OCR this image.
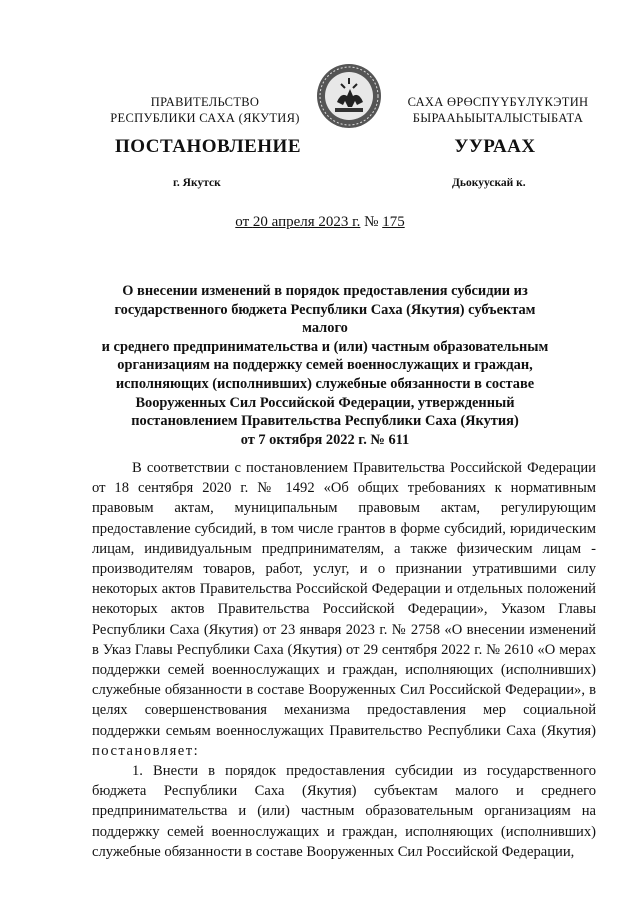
ПРАВИТЕЛЬСТВО
РЕСПУБЛИКИ САХА (ЯКУТИЯ)
САХА ӨРӨСПҮҮБҮЛҮКЭТИН
БЫРААҺЫЫТАЛЫСТЫБАТА
ПОСТАНОВЛЕНИЕ	УУРААХ
г. Якутск	Дьокуускай к.
от 20 апреля 2023 г. № 175
О внесении изменений в порядок предоставления субсидии из
государственного бюджета Республики Саха (Якутия) субъектам малого
и среднего предпринимательства и (или) частным образовательным
организациям на поддержку семей военнослужащих и граждан,
исполняющих (исполнивших) служебные обязанности в составе
Вооруженных Сил Российской Федерации, утвержденный
постановлением Правительства Республики Саха (Якутия)
от 7 октября 2022 г. № 611

В соответствии с постановлением Правительства Российской Федерации от 18 сентября 2020 г. № 1492 «Об общих требованиях к нормативным правовым актам, муниципальным правовым актам, регулирующим предоставление субсидий, в том числе грантов в форме субсидий, юридическим лицам, индивидуальным предпринимателям, а также физическим лицам - производителям товаров, работ, услуг, и о признании утратившими силу некоторых актов Правительства Российской Федерации и отдельных положений некоторых актов Правительства Российской Федерации», Указом Главы Республики Саха (Якутия) от 23 января 2023 г. № 2758 «О внесении изменений в Указ Главы Республики Саха (Якутия) от 29 сентября 2022 г. № 2610 «О мерах поддержки семей военнослужащих и граждан, исполняющих (исполнивших) служебные обязанности в составе Вооруженных Сил Российской Федерации», в целях совершенствования механизма предоставления мер социальной поддержки семьям военнослужащих Правительство Республики Саха (Якутия) постановляет:

1. Внести в порядок предоставления субсидии из государственного бюджета Республики Саха (Якутия) субъектам малого и среднего предпринимательства и (или) частным образовательным организациям на поддержку семей военнослужащих и граждан, исполняющих (исполнивших) служебные обязанности в составе Вооруженных Сил Российской Федерации,
